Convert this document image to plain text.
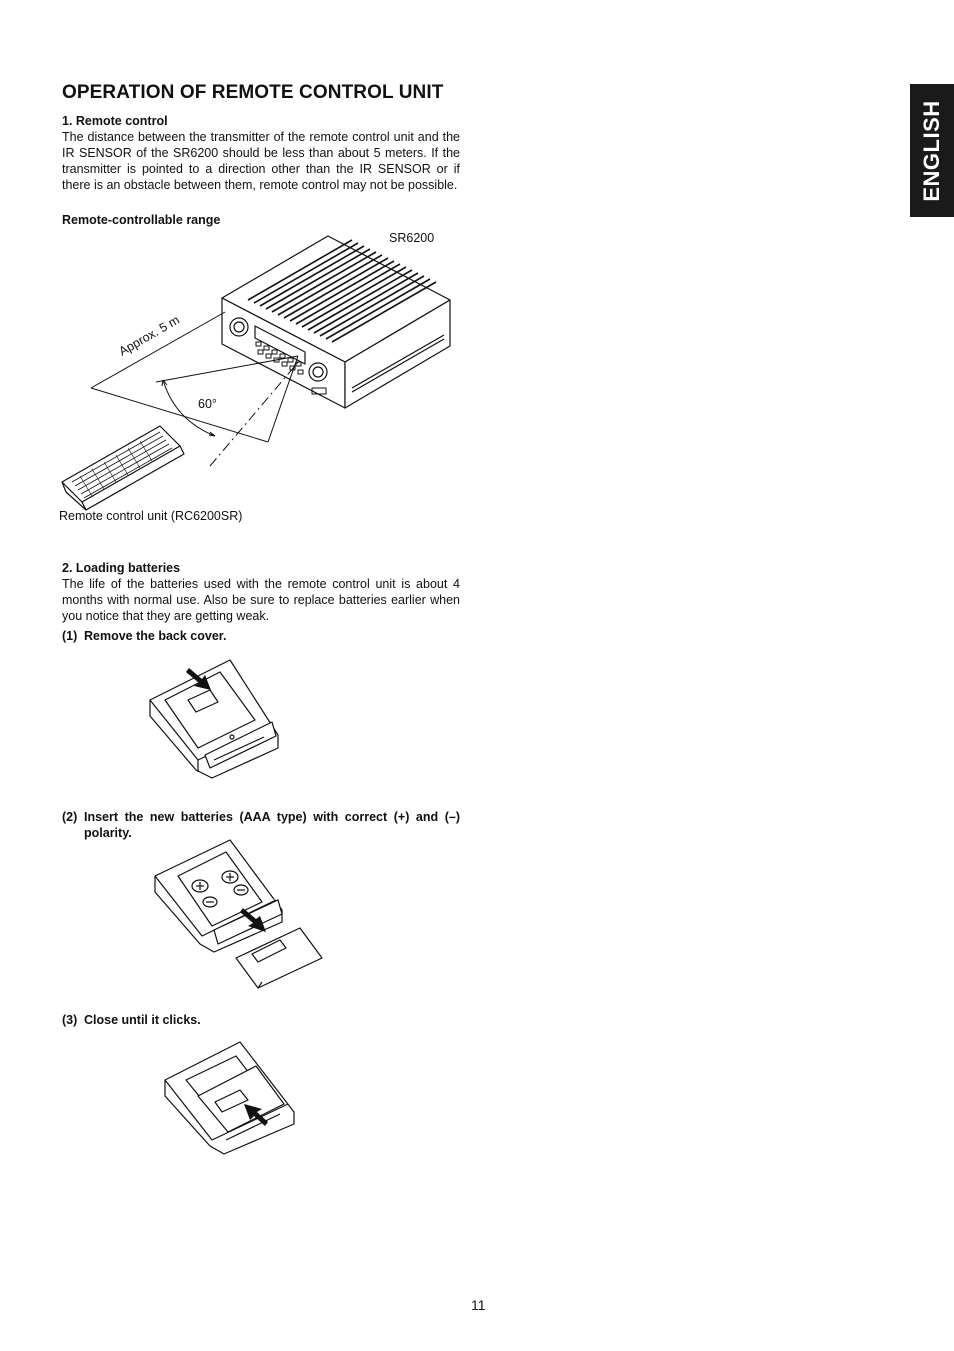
OPERATION OF REMOTE CONTROL UNIT
ENGLISH
1. Remote control
The distance between the transmitter of the remote control unit and the IR SENSOR of the SR6200 should be less than about 5 meters. If the transmitter is pointed to a direction other than the IR SENSOR or if there is an obstacle between them, remote control may not be possible.
Remote-controllable range
SR6200
Approx. 5 m
60°
Remote control unit (RC6200SR)
2. Loading batteries
The life of the batteries used with the remote control unit is about 4 months with normal use. Also be sure to replace batteries earlier when you notice that they are getting weak.
(1) Remove the back cover.
(2) Insert the new batteries (AAA type) with correct (+) and (–) polarity.
(3) Close until it clicks.
11
